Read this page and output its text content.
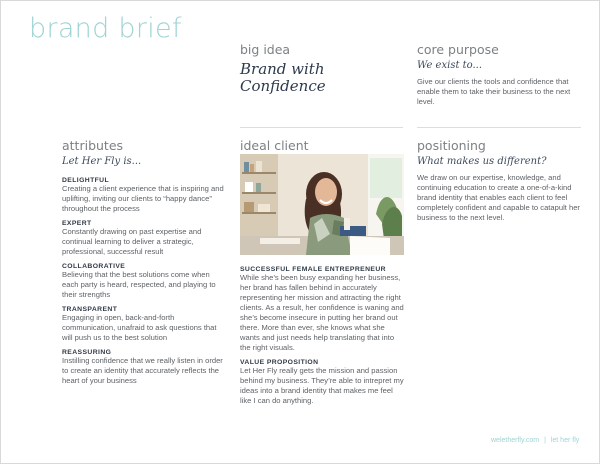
brand brief
big idea
Brand with
Confidence
core purpose
We exist to...
Give our clients the tools and confidence that enable them to take their business to the next level.
attributes
Let Her Fly is...
DELIGHTFUL
Creating a client experience that is inspiring and uplifting, inviting our clients to “happy dance” throughout the process
EXPERT
Constantly drawing on past expertise and continual learning to deliver a strategic, professional, successful result
COLLABORATIVE
Believing that the best solutions come when each party is heard, respected, and playing to their strengths
TRANSPARENT
Engaging in open, back-and-forth communication, unafraid to ask questions that will push us to the best solution
REASSURING
Instilling confidence that we really listen in order to create an identity that accurately reflects the heart of your business
ideal client
SUCCESSFUL FEMALE ENTREPRENEUR
While she’s been busy expanding her business, her brand has fallen behind in accurately representing her mission and attracting the right clients. As a result, her confidence is waning and she’s become insecure in putting her brand out there. More than ever, she knows what she wants and just needs help translating that into the right visuals.
VALUE PROPOSITION
Let Her Fly really gets the mission and passion behind my business. They’re able to intrepret my ideas into a brand identity that makes me feel like I can do anything.
positioning
What makes us different?
We draw on our expertise, knowledge, and continuing education to create a one-of-a-kind brand identity that enables each client to feel completely confident and capable to catapult her business to the next level.
weletherfly.com | let her fly
